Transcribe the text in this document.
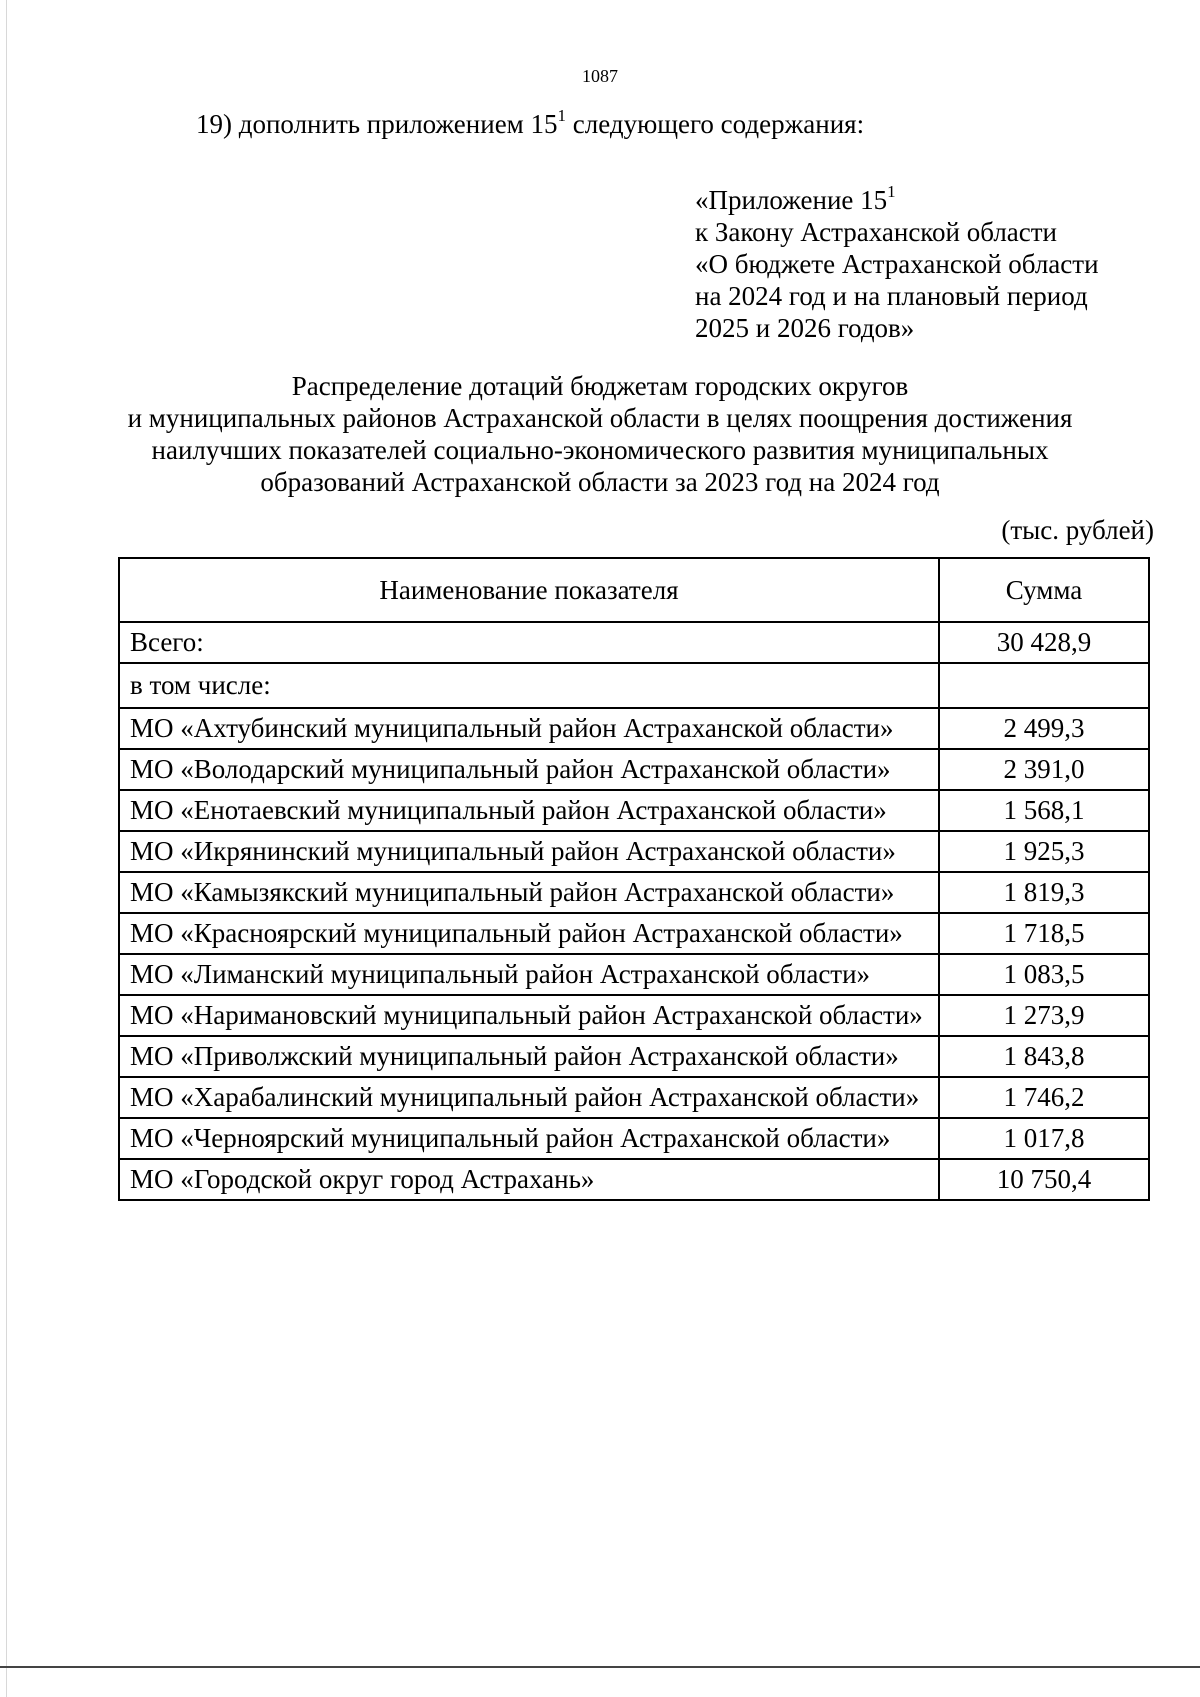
1087
19) дополнить приложением $15^1$ следующего содержания:
«Приложение $15^1$
к Закону Астраханской области
«О бюджете Астраханской области
на 2024 год и на плановый период
2025 и 2026 годов»
Распределение дотаций бюджетам городских округов
и муниципальных районов Астраханской области в целях поощрения достижения
наилучших показателей социально-экономического развития муниципальных
образований Астраханской области за 2023 год на 2024 год
(тыс. рублей)
Наименование показателя	Сумма
Всего:	30 428,9
в том числе:	
МО «Ахтубинский муниципальный район Астраханской области»	2 499,3
МО «Володарский муниципальный район Астраханской области»	2 391,0
МО «Енотаевский муниципальный район Астраханской области»	1 568,1
МО «Икрянинский муниципальный район Астраханской области»	1 925,3
МО «Камызякский муниципальный район Астраханской области»	1 819,3
МО «Красноярский муниципальный район Астраханской области»	1 718,5
МО «Лиманский муниципальный район Астраханской области»	1 083,5
МО «Наримановский муниципальный район Астраханской области»	1 273,9
МО «Приволжский муниципальный район Астраханской области»	1 843,8
МО «Харабалинский муниципальный район Астраханской области»	1 746,2
МО «Черноярский муниципальный район Астраханской области»	1 017,8
МО «Городской округ город Астрахань»	10 750,4
